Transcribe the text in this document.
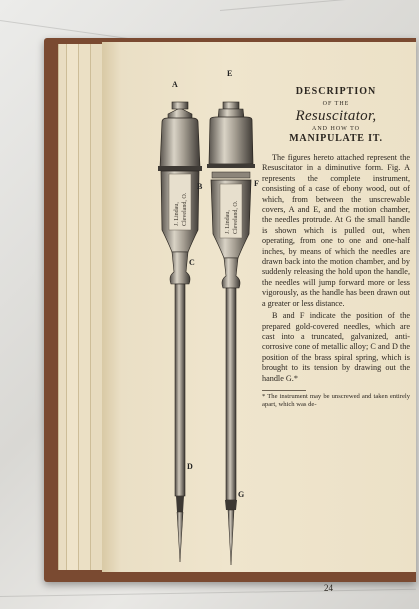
J. Lindau, Cleveland, O.	J. Lindau, Cleveland, O.
A
E
B	F
C
D
G

DESCRIPTION

OF THE

Resuscitator,

AND HOW TO

MANIPULATE IT.

The figures hereto attached represent the Resuscitator in a diminutive form. Fig. A represents the complete instrument, consisting of a case of ebony wood, out of which, from between the unscrewable covers, A and E, and the motion chamber, the needles protrude. At G the small handle is shown which is pulled out, when operating, from one to one and one-half inches, by means of which the needles are drawn back into the motion chamber, and by suddenly releasing the hold upon the handle, the needles will jump forward more or less vigorously, as the handle has been drawn out a greater or less distance.

B and F indicate the position of the prepared gold-covered needles, which are cast into a truncated, galvanized, anti-corrosive cone of metallic alloy; C and D the position of the brass spiral spring, which is brought to its tension by drawing out the handle G.*

* The instrument may be unscrewed and taken entirely apart, which was de-

24
